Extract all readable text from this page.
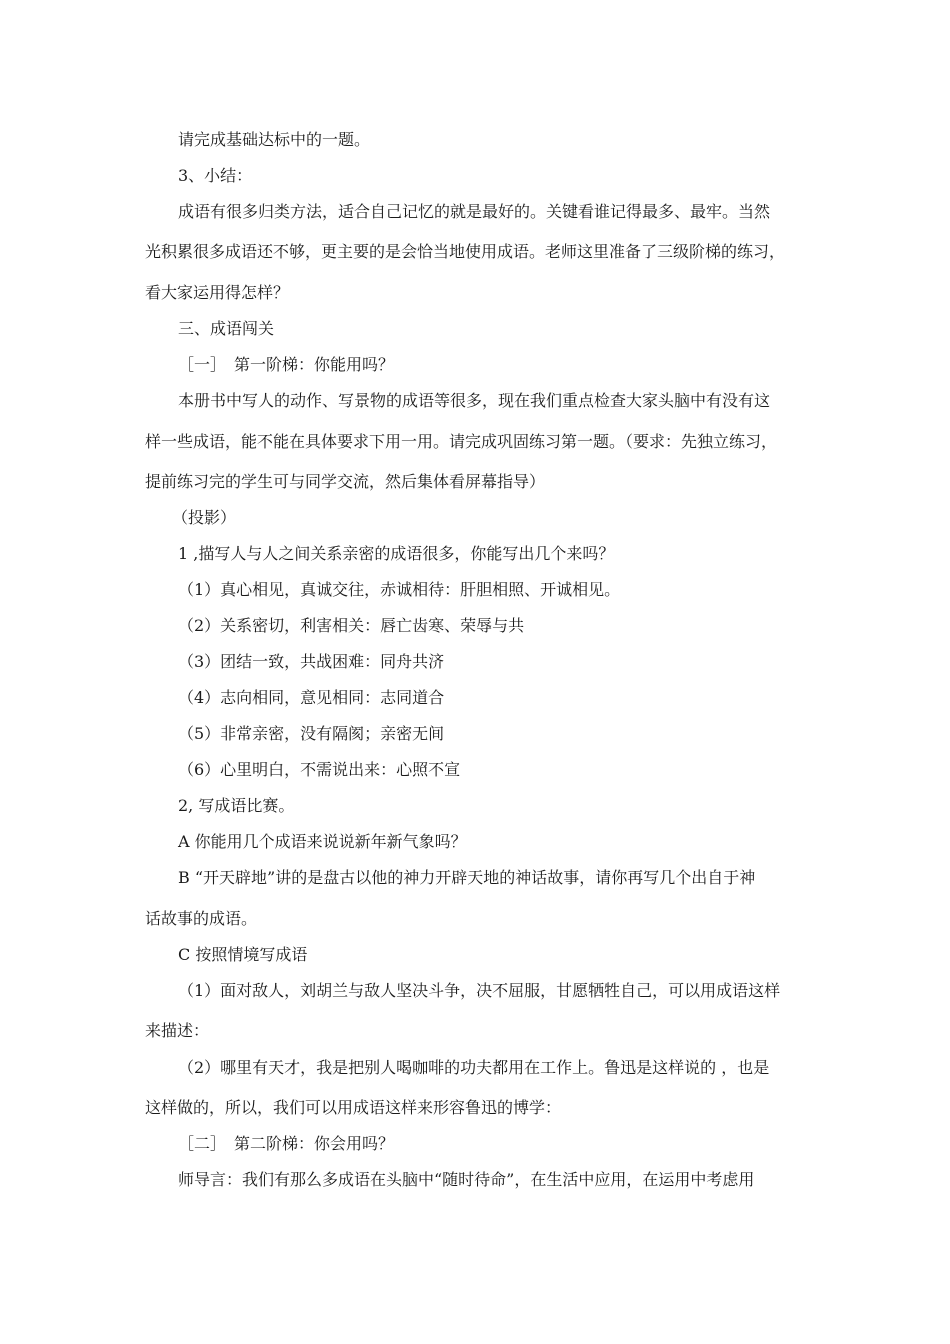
请完成基础达标中的一题。
3、小结：
成语有很多归类方法，适合自己记忆的就是最好的。关键看谁记得最多、最牢。当然
光积累很多成语还不够，更主要的是会恰当地使用成语。老师这里准备了三级阶梯的练习，
看大家运用得怎样？
三、成语闯关
［一］　第一阶梯：你能用吗？
本册书中写人的动作、写景物的成语等很多，现在我们重点检查大家头脑中有没有这
样一些成语，能不能在具体要求下用一用。请完成巩固练习第一题。（要求：先独立练习，
提前练习完的学生可与同学交流，然后集体看屏幕指导）
（投影）
1 ,描写人与人之间关系亲密的成语很多，你能写出几个来吗？
（1）真心相见，真诚交往，赤诚相待：肝胆相照、开诚相见。
（2）关系密切，利害相关：唇亡齿寒、荣辱与共
（3）团结一致，共战困难：同舟共济
（4）志向相同，意见相同：志同道合
（5）非常亲密，没有隔阂；亲密无间
（6）心里明白，不需说出来：心照不宣
2, 写成语比赛。
A 你能用几个成语来说说新年新气象吗？
B “开天辟地”讲的是盘古以他的神力开辟天地的神话故事，请你再写几个出自于神
话故事的成语。
C 按照情境写成语
（1）面对敌人，刘胡兰与敌人坚决斗争，决不屈服，甘愿牺牲自己，可以用成语这样
来描述：
（2）哪里有天才，我是把别人喝咖啡的功夫都用在工作上。鲁迅是这样说的 ，也是
这样做的，所以，我们可以用成语这样来形容鲁迅的博学：
［二］　第二阶梯：你会用吗？
师导言：我们有那么多成语在头脑中“随时待命”，在生活中应用，在运用中考虑用
